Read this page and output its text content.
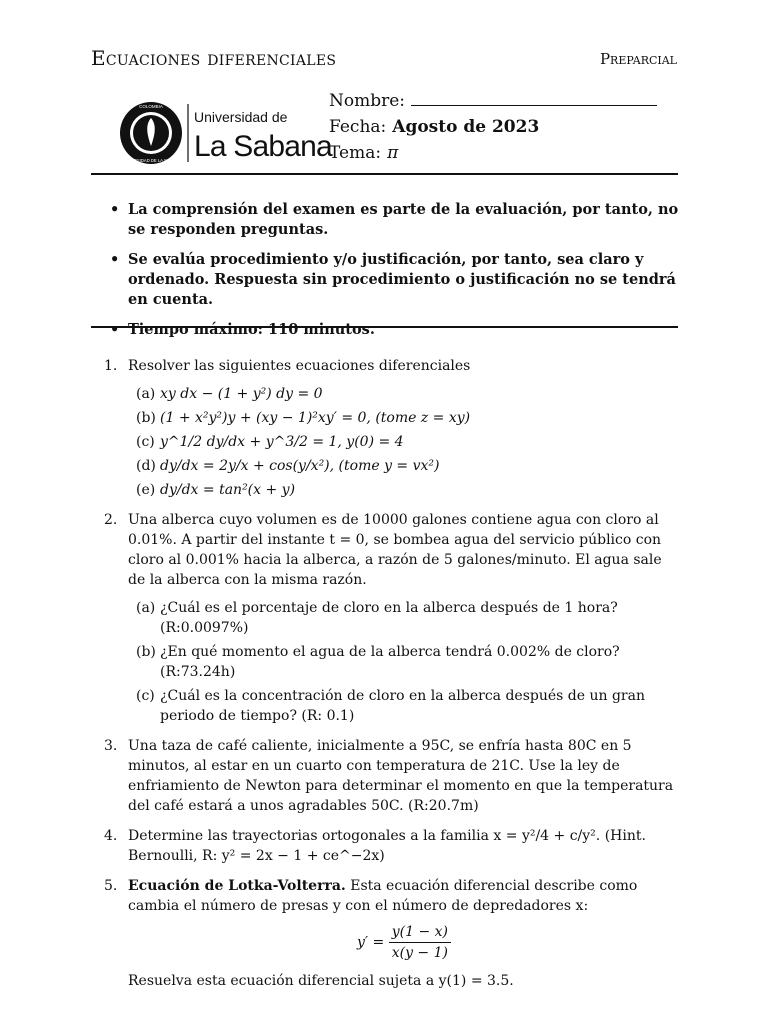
Ecuaciones diferenciales	Preparcial
COLOMBIA
UNIVERSIDAD DE LA SABANA
Universidad de
La Sabana
Nombre:
Fecha: Agosto de 2023
Tema: π
• La comprensión del examen es parte de la evaluación, por tanto, no se responden preguntas.
• Se evalúa procedimiento y/o justificación, por tanto, sea claro y ordenado. Respuesta sin procedimiento o justificación no se tendrá en cuenta.
• Tiempo máximo: 110 minutos.
1. Resolver las siguientes ecuaciones diferenciales
(a) xy dx − (1 + y²) dy = 0
(b) (1 + x²y²)y + (xy − 1)²xy′ = 0, (tome z = xy)
(c) y^1/2 dy/dx + y^3/2 = 1, y(0) = 4
(d) dy/dx = 2y/x + cos(y/x²), (tome y = vx²)
(e) dy/dx = tan²(x + y)
2. Una alberca cuyo volumen es de 10000 galones contiene agua con cloro al 0.01%. A partir del instante t = 0, se bombea agua del servicio público con cloro al 0.001% hacia la alberca, a razón de 5 galones/minuto. El agua sale de la alberca con la misma razón.
(a) ¿Cuál es el porcentaje de cloro en la alberca después de 1 hora? (R:0.0097%)
(b) ¿En qué momento el agua de la alberca tendrá 0.002% de cloro? (R:73.24h)
(c) ¿Cuál es la concentración de cloro en la alberca después de un gran periodo de tiempo? (R: 0.1)
3. Una taza de café caliente, inicialmente a 95C, se enfría hasta 80C en 5 minutos, al estar en un cuarto con temperatura de 21C. Use la ley de enfriamiento de Newton para determinar el momento en que la temperatura del café estará a unos agradables 50C. (R:20.7m)
4. Determine las trayectorias ortogonales a la familia x = y²/4 + c/y². (Hint. Bernoulli, R: y² = 2x − 1 + ce^−2x)
5. Ecuación de Lotka-Volterra. Esta ecuación diferencial describe como cambia el número de presas y con el número de depredadores x:
$y' = \frac{y(1 - x)}{x(y - 1)}$
Resuelva esta ecuación diferencial sujeta a y(1) = 3.5.
